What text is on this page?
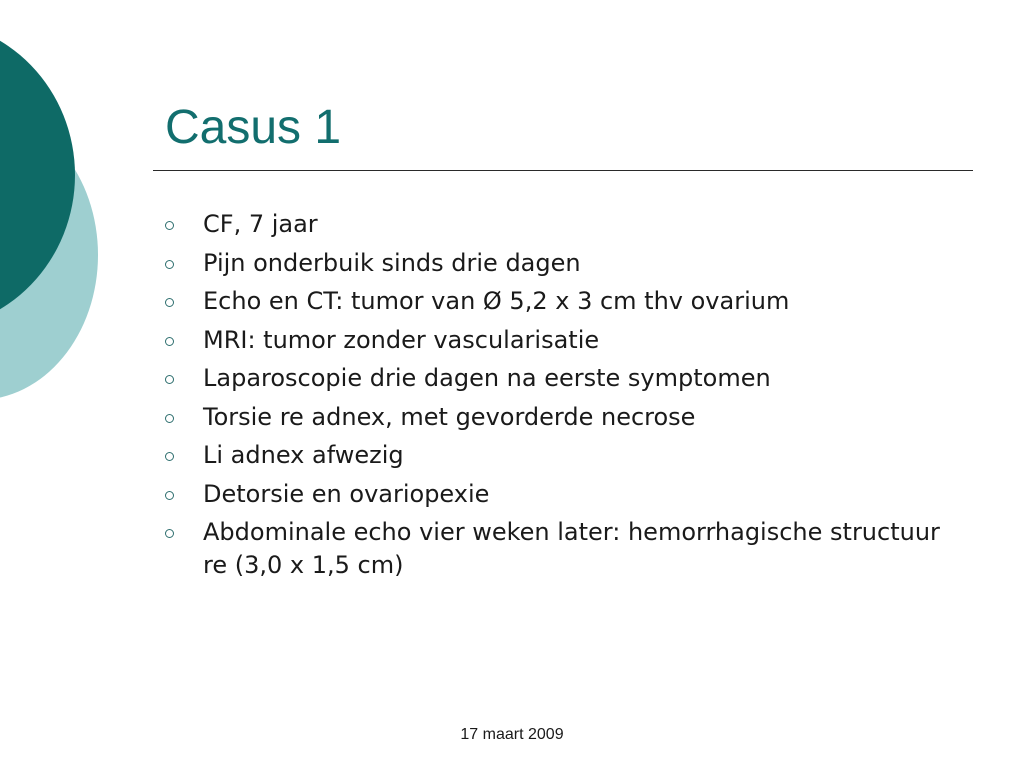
Casus 1
CF, 7 jaar
Pijn onderbuik sinds drie dagen
Echo en CT: tumor van Ø 5,2 x 3 cm thv ovarium
MRI: tumor zonder vascularisatie
Laparoscopie drie dagen na eerste symptomen
Torsie re adnex, met gevorderde necrose
Li adnex afwezig
Detorsie en ovariopexie
Abdominale echo vier weken later: hemorrhagische structuur re (3,0 x 1,5 cm)
17 maart 2009
